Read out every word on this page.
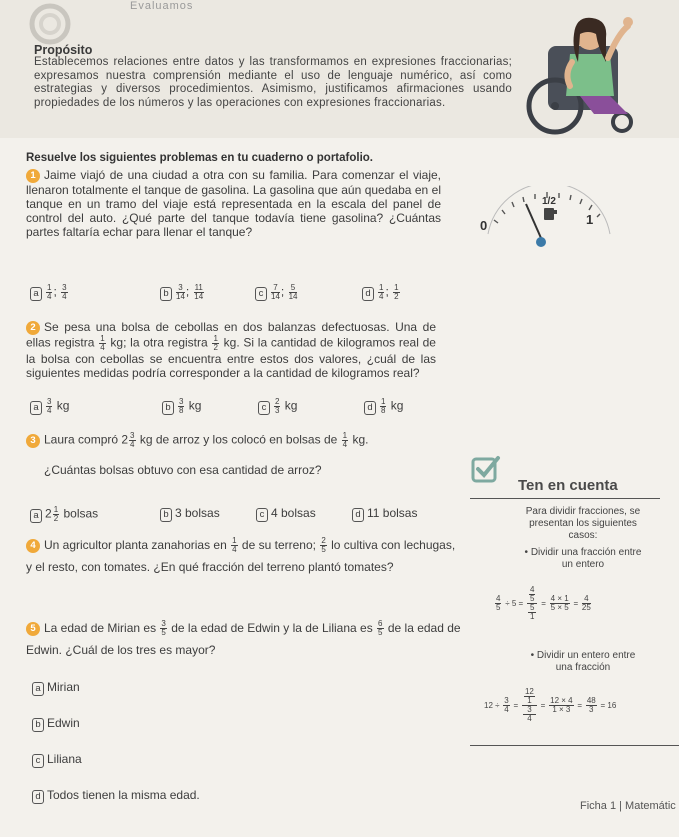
Evaluamos
Propósito
Establecemos relaciones entre datos y las transformamos en expresiones fraccionarias; expresamos nuestra comprensión mediante el uso de lenguaje numérico, así como estrategias y diversos procedimientos. Asimismo, justificamos afirmaciones usando propiedades de los números y las operaciones con expresiones fraccionarias.
Resuelve los siguientes problemas en tu cuaderno o portafolio.
1 Jaime viajó de una ciudad a otra con su familia. Para comenzar el viaje, llenaron totalmente el tanque de gasolina. La gasolina que aún quedaba en el tanque en un tramo del viaje está representada en la escala del panel de control del auto. ¿Qué parte del tanque todavía tiene gasolina? ¿Cuántas partes faltaría echar para llenar el tanque?
1/2
0	1
a $\frac{1}{4}$ ; $\frac{3}{4}$	b $\frac{3}{14}$ ; $\frac{11}{14}$	c $\frac{7}{14}$ ; $\frac{5}{14}$	d $\frac{1}{4}$ ; $\frac{1}{2}$
2 Se pesa una bolsa de cebollas en dos balanzas defectuosas. Una de ellas registra $\frac{1}{4}$ kg; la otra registra $\frac{1}{2}$ kg. Si la cantidad de kilogramos real de la bolsa con cebollas se encuentra entre estos dos valores, ¿cuál de las siguientes medidas podría corresponder a la cantidad de kilogramos real?
a $\frac{3}{4}$ kg	b $\frac{3}{8}$ kg	c $\frac{2}{3}$ kg	d $\frac{1}{8}$ kg
3 Laura compró $2 \frac{3}{4}$ kg de arroz y los colocó en bolsas de $\frac{1}{4}$ kg.
¿Cuántas bolsas obtuvo con esa cantidad de arroz?
a $2 \frac{1}{2}$ bolsas	b 3 bolsas	c 4 bolsas	d 11 bolsas
4 Un agricultor planta zanahorias en $\frac{1}{4}$ de su terreno; $\frac{2}{5}$ lo cultiva con lechugas, y el resto, con tomates. ¿En qué fracción del terreno plantó tomates?
5 La edad de Mirian es $\frac{3}{5}$ de la edad de Edwin y la de Liliana es $\frac{6}{5}$ de la edad de Edwin. ¿Cuál de los tres es mayor?
a Mirian
b Edwin
c Liliana
d Todos tienen la misma edad.
Ten en cuenta
Para dividir fracciones, se
presentan los siguientes
casos:
• Dividir una fracción entre
un entero
$\frac{4}{5} \div 5 = 4$
5
5
$1 = \frac{4 \times 1}{5 \times 5} = \frac{4}{25}$
• Dividir un entero entre
una fracción
$12 \div \frac{3}{4} = 12$
1
3
$4 = \frac{12 \times 4}{1 \times 3} = \frac{48}{3} = 16$
Ficha 1 | Matemátic
